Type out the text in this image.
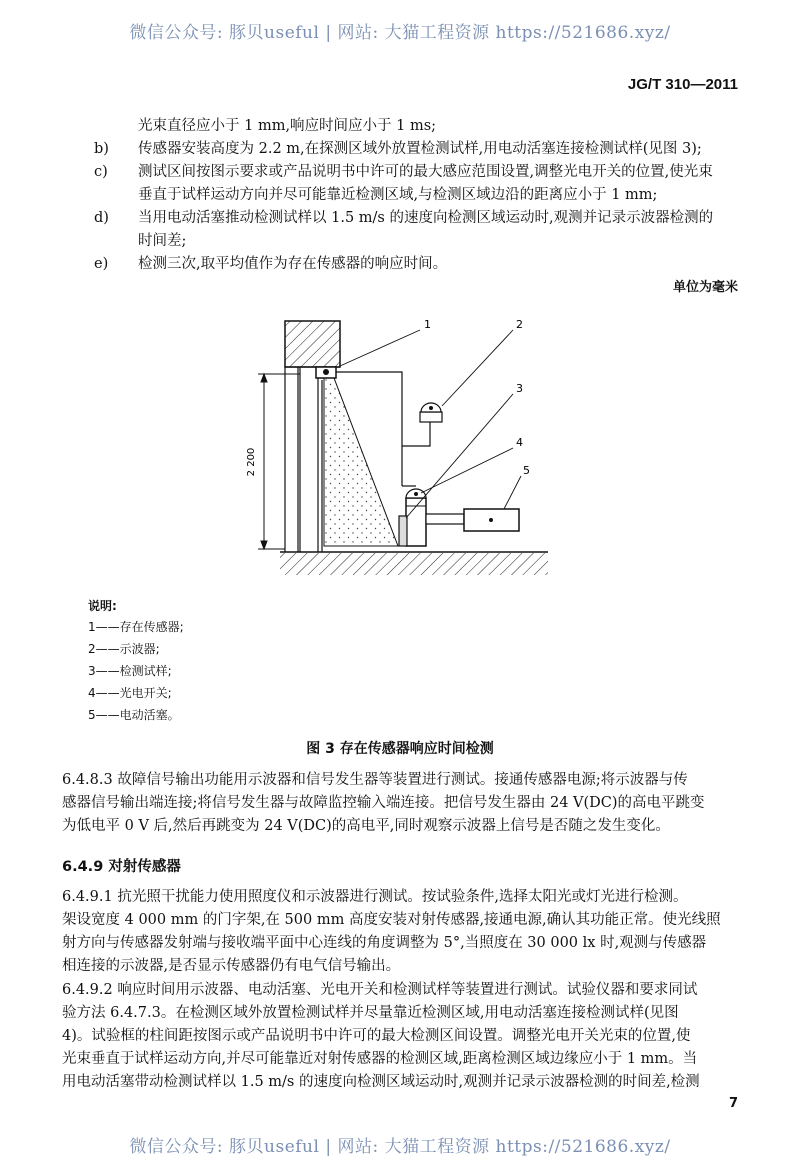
微信公众号: 豚贝useful | 网站: 大猫工程资源 https://521686.xyz/
JG/T 310—2011
光束直径应小于 1 mm,响应时间应小于 1 ms;
b) 传感器安装高度为 2.2 m,在探测区域外放置检测试样,用电动活塞连接检测试样(见图 3);
c) 测试区间按图示要求或产品说明书中许可的最大感应范围设置,调整光电开关的位置,使光束
垂直于试样运动方向并尽可能靠近检测区域,与检测区域边沿的距离应小于 1 mm;
d) 当用电动活塞推动检测试样以 1.5 m/s 的速度向检测区域运动时,观测并记录示波器检测的
时间差;
e) 检测三次,取平均值作为存在传感器的响应时间。
单位为毫米
2 200
1	2
3
4
5
说明:
1——存在传感器;
2——示波器;
3——检测试样;
4——光电开关;
5——电动活塞。
图 3 存在传感器响应时间检测
6.4.8.3 故障信号输出功能用示波器和信号发生器等装置进行测试。接通传感器电源;将示波器与传
感器信号输出端连接;将信号发生器与故障监控输入端连接。把信号发生器由 24 V(DC)的高电平跳变
为低电平 0 V 后,然后再跳变为 24 V(DC)的高电平,同时观察示波器上信号是否随之发生变化。
6.4.9 对射传感器
6.4.9.1 抗光照干扰能力使用照度仪和示波器进行测试。按试验条件,选择太阳光或灯光进行检测。
架设宽度 4 000 mm 的门字架,在 500 mm 高度安装对射传感器,接通电源,确认其功能正常。使光线照
射方向与传感器发射端与接收端平面中心连线的角度调整为 5°,当照度在 30 000 lx 时,观测与传感器
相连接的示波器,是否显示传感器仍有电气信号输出。
6.4.9.2 响应时间用示波器、电动活塞、光电开关和检测试样等装置进行测试。试验仪器和要求同试
验方法 6.4.7.3。在检测区域外放置检测试样并尽量靠近检测区域,用电动活塞连接检测试样(见图
4)。试验框的柱间距按图示或产品说明书中许可的最大检测区间设置。调整光电开关光束的位置,使
光束垂直于试样运动方向,并尽可能靠近对射传感器的检测区域,距离检测区域边缘应小于 1 mm。当
用电动活塞带动检测试样以 1.5 m/s 的速度向检测区域运动时,观测并记录示波器检测的时间差,检测
7
微信公众号: 豚贝useful | 网站: 大猫工程资源 https://521686.xyz/
